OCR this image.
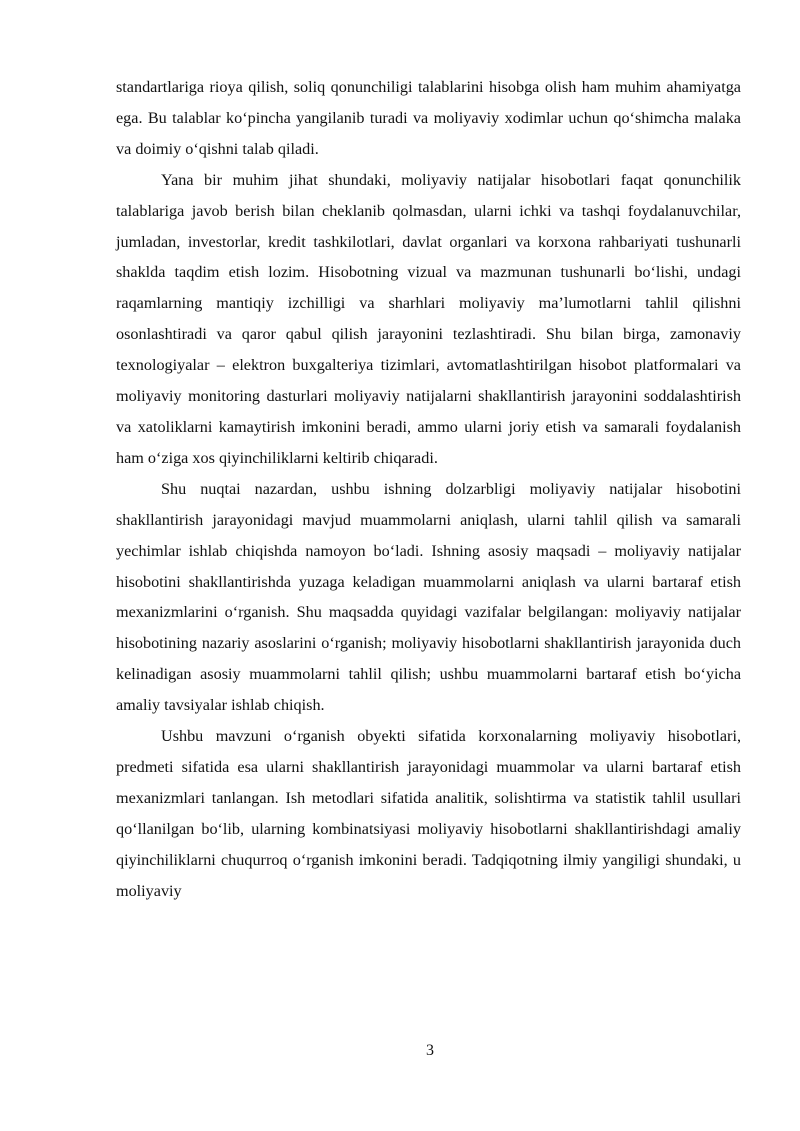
standartlariga rioya qilish, soliq qonunchiligi talablarini hisobga olish ham muhim ahamiyatga ega. Bu talablar ko‘pincha yangilanib turadi va moliyaviy xodimlar uchun qo‘shimcha malaka va doimiy o‘qishni talab qiladi.

Yana bir muhim jihat shundaki, moliyaviy natijalar hisobotlari faqat qonunchilik talablariga javob berish bilan cheklanib qolmasdan, ularni ichki va tashqi foydalanuvchilar, jumladan, investorlar, kredit tashkilotlari, davlat organlari va korxona rahbariyati tushunarli shaklda taqdim etish lozim. Hisobotning vizual va mazmunan tushunarli bo‘lishi, undagi raqamlarning mantiqiy izchilligi va sharhlari moliyaviy ma’lumotlarni tahlil qilishni osonlashtiradi va qaror qabul qilish jarayonini tezlashtiradi. Shu bilan birga, zamonaviy texnologiyalar – elektron buxgalteriya tizimlari, avtomatlashtirilgan hisobot platformalari va moliyaviy monitoring dasturlari moliyaviy natijalarni shakllantirish jarayonini soddalashtirish va xatoliklarni kamaytirish imkonini beradi, ammo ularni joriy etish va samarali foydalanish ham o‘ziga xos qiyinchiliklarni keltirib chiqaradi.

Shu nuqtai nazardan, ushbu ishning dolzarbligi moliyaviy natijalar hisobotini shakllantirish jarayonidagi mavjud muammolarni aniqlash, ularni tahlil qilish va samarali yechimlar ishlab chiqishda namoyon bo‘ladi. Ishning asosiy maqsadi – moliyaviy natijalar hisobotini shakllantirishda yuzaga keladigan muammolarni aniqlash va ularni bartaraf etish mexanizmlarini o‘rganish. Shu maqsadda quyidagi vazifalar belgilangan: moliyaviy natijalar hisobotining nazariy asoslarini o‘rganish; moliyaviy hisobotlarni shakllantirish jarayonida duch kelinadigan asosiy muammolarni tahlil qilish; ushbu muammolarni bartaraf etish bo‘yicha amaliy tavsiyalar ishlab chiqish.

Ushbu mavzuni o‘rganish obyekti sifatida korxonalarning moliyaviy hisobotlari, predmeti sifatida esa ularni shakllantirish jarayonidagi muammolar va ularni bartaraf etish mexanizmlari tanlangan. Ish metodlari sifatida analitik, solishtirma va statistik tahlil usullari qo‘llanilgan bo‘lib, ularning kombinatsiyasi moliyaviy hisobotlarni shakllantirishdagi amaliy qiyinchiliklarni chuqurroq o‘rganish imkonini beradi. Tadqiqotning ilmiy yangiligi shundaki, u moliyaviy

3
